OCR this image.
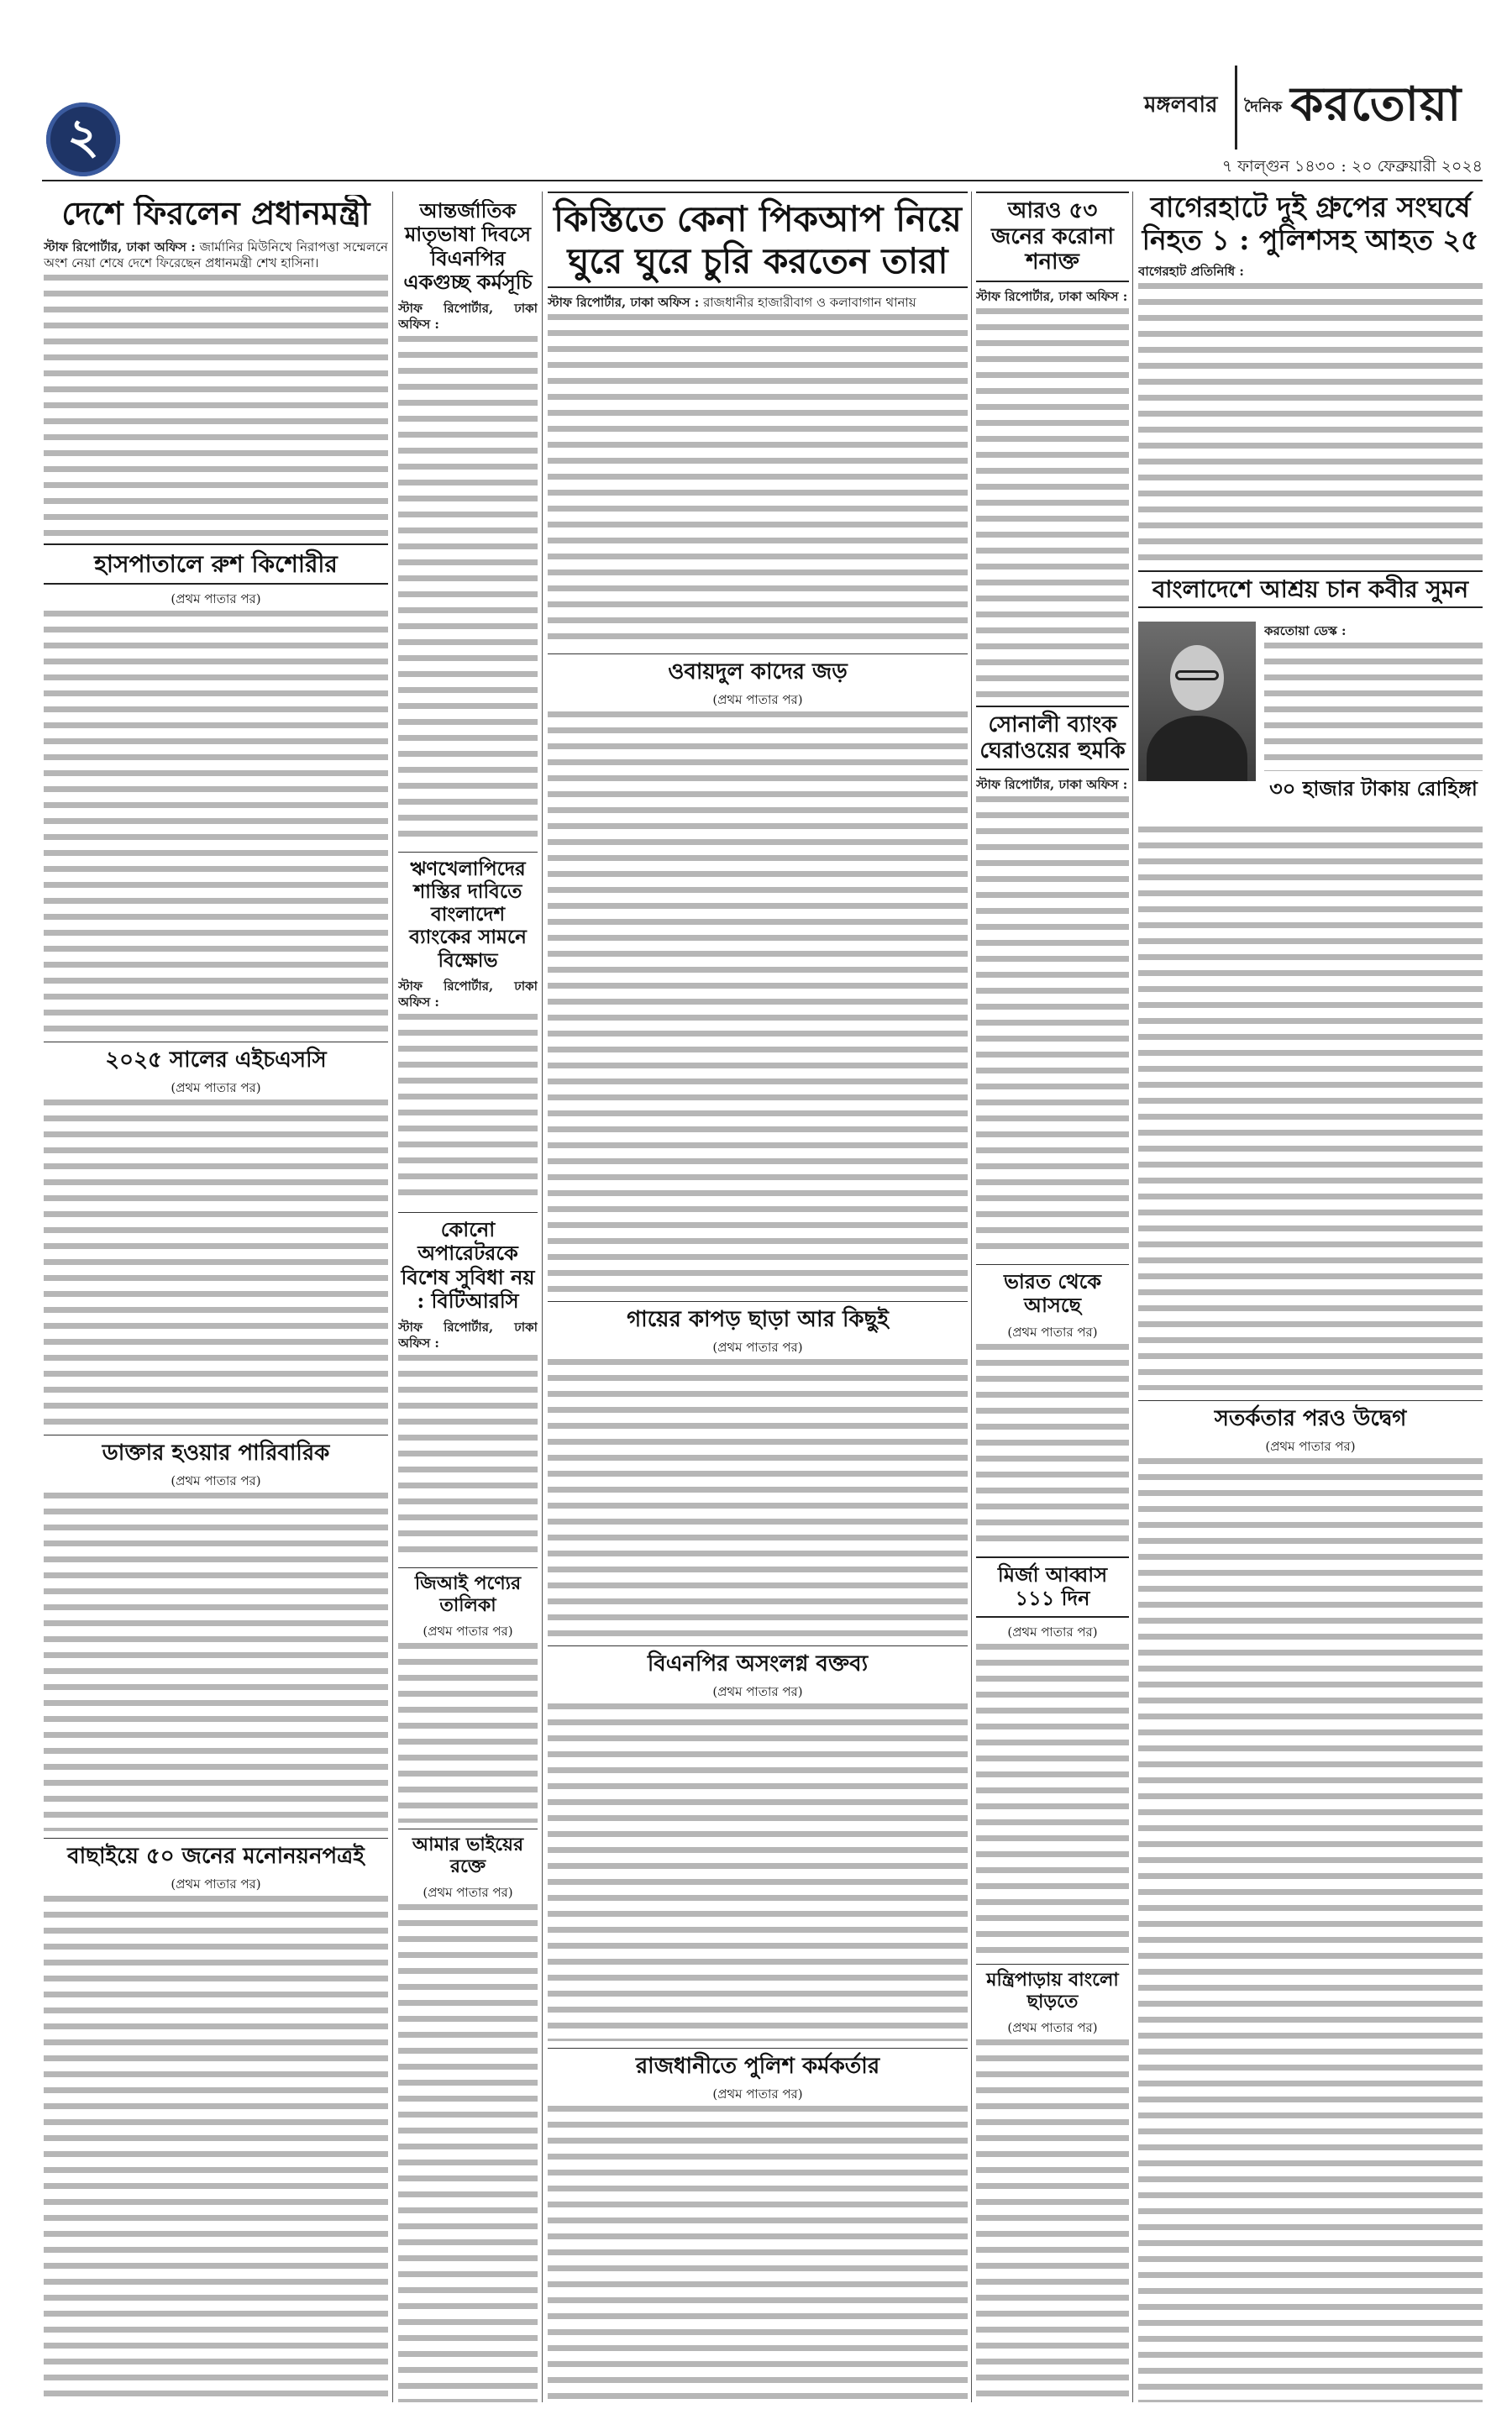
২
মঙ্গলবার দৈনিক করতোয়া
৭ ফাল্গুন ১৪৩০ : ২০ ফেব্রুয়ারী ২০২৪
দেশে ফিরলেন প্রধানমন্ত্রী

স্টাফ রিপোর্টার, ঢাকা অফিস : জার্মানির মিউনিখে নিরাপত্তা সম্মেলনে অংশ নেয়া শেষে দেশে ফিরেছেন প্রধানমন্ত্রী শেখ হাসিনা।

হাসপাতালে রুশ কিশোরীর

(প্রথম পাতার পর)

২০২৫ সালের এইচএসসি

(প্রথম পাতার পর)

ডাক্তার হওয়ার পারিবারিক

(প্রথম পাতার পর)

বাছাইয়ে ৫০ জনের মনোনয়নপত্রই

(প্রথম পাতার পর)

আন্তর্জাতিক মাতৃভাষা দিবসে বিএনপির একগুচ্ছ কর্মসূচি

স্টাফ রিপোর্টার, ঢাকা অফিস :

ঋণখেলাপিদের শাস্তির দাবিতে বাংলাদেশ ব্যাংকের সামনে বিক্ষোভ

স্টাফ রিপোর্টার, ঢাকা অফিস :

কোনো অপারেটরকে বিশেষ সুবিধা নয় : বিটিআরসি

স্টাফ রিপোর্টার, ঢাকা অফিস :

জিআই পণ্যের তালিকা

(প্রথম পাতার পর)

আমার ভাইয়ের রক্তে

(প্রথম পাতার পর)

কিস্তিতে কেনা পিকআপ নিয়ে ঘুরে ঘুরে চুরি করতেন তারা

স্টাফ রিপোর্টার, ঢাকা অফিস : রাজধানীর হাজারীবাগ ও কলাবাগান থানায়

ওবায়দুল কাদের জড়

(প্রথম পাতার পর)

গায়ের কাপড় ছাড়া আর কিছুই

(প্রথম পাতার পর)

বিএনপির অসংলগ্ন বক্তব্য

(প্রথম পাতার পর)

রাজধানীতে পুলিশ কর্মকর্তার

(প্রথম পাতার পর)

আরও ৫৩ জনের করোনা শনাক্ত

স্টাফ রিপোর্টার, ঢাকা অফিস :

সোনালী ব্যাংক ঘেরাওয়ের হুমকি

স্টাফ রিপোর্টার, ঢাকা অফিস :

ভারত থেকে আসছে

(প্রথম পাতার পর)

মির্জা আব্বাস ১১১ দিন

(প্রথম পাতার পর)

মন্ত্রিপাড়ায় বাংলো ছাড়তে

(প্রথম পাতার পর)

বাগেরহাটে দুই গ্রুপের সংঘর্ষে নিহত ১ : পুলিশসহ আহত ২৫

বাগেরহাট প্রতিনিধি :

বাংলাদেশে আশ্রয় চান কবীর সুমন

করতোয়া ডেস্ক :

৩০ হাজার টাকায় রোহিঙ্গা
সতর্কতার পরও উদ্বেগ

(প্রথম পাতার পর)
